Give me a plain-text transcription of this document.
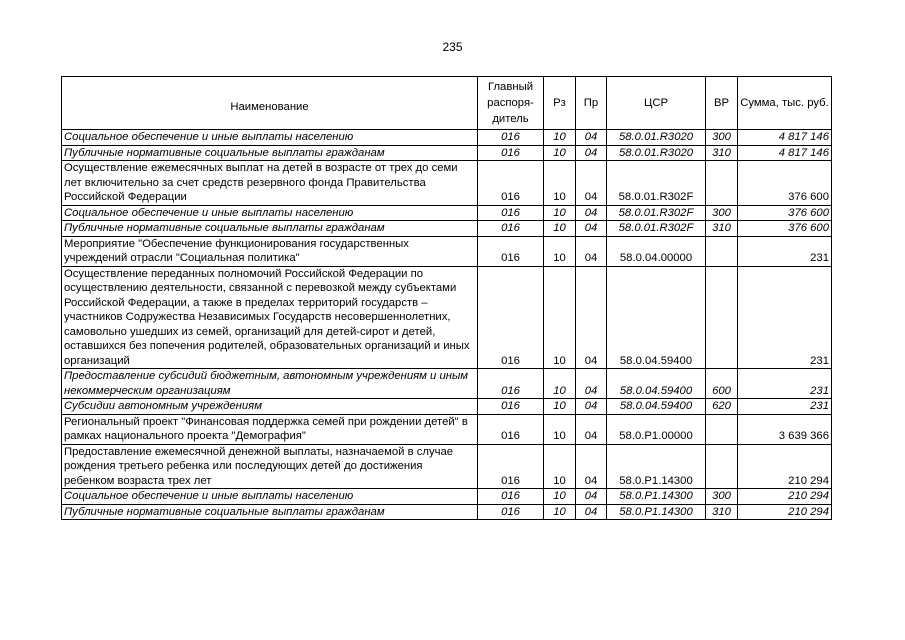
235
Наименование	Главный распоря-дитель	Рз	Пр	ЦСР	ВР	Сумма, тыс. руб.
Социальное обеспечение и иные выплаты населению	016	10	04	58.0.01.R3020	300	4 817 146
Публичные нормативные социальные выплаты гражданам	016	10	04	58.0.01.R3020	310	4 817 146
Осуществление ежемесячных выплат на детей в возрасте от трех до семи лет включительно за счет средств резервного фонда Правительства Российской Федерации	016	10	04	58.0.01.R302F		376 600
Социальное обеспечение и иные выплаты населению	016	10	04	58.0.01.R302F	300	376 600
Публичные нормативные социальные выплаты гражданам	016	10	04	58.0.01.R302F	310	376 600
Мероприятие "Обеспечение функционирования государственных учреждений отрасли "Социальная политика"	016	10	04	58.0.04.00000		231
Осуществление переданных полномочий Российской Федерации по осуществлению деятельности, связанной с перевозкой между субъектами Российской Федерации, а также в пределах территорий государств – участников Содружества Независимых Государств несовершеннолетних, самовольно ушедших из семей, организаций для детей-сирот и детей, оставшихся без попечения родителей, образовательных организаций и иных организаций	016	10	04	58.0.04.59400		231
Предоставление субсидий бюджетным, автономным учреждениям и иным некоммерческим организациям	016	10	04	58.0.04.59400	600	231
Субсидии автономным учреждениям	016	10	04	58.0.04.59400	620	231
Региональный проект "Финансовая поддержка семей при рождении детей" в рамках национального проекта "Демография"	016	10	04	58.0.P1.00000		3 639 366
Предоставление ежемесячной денежной выплаты, назначаемой в случае рождения третьего ребенка или последующих детей до достижения ребенком возраста трех лет	016	10	04	58.0.P1.14300		210 294
Социальное обеспечение и иные выплаты населению	016	10	04	58.0.P1.14300	300	210 294
Публичные нормативные социальные выплаты гражданам	016	10	04	58.0.P1.14300	310	210 294
